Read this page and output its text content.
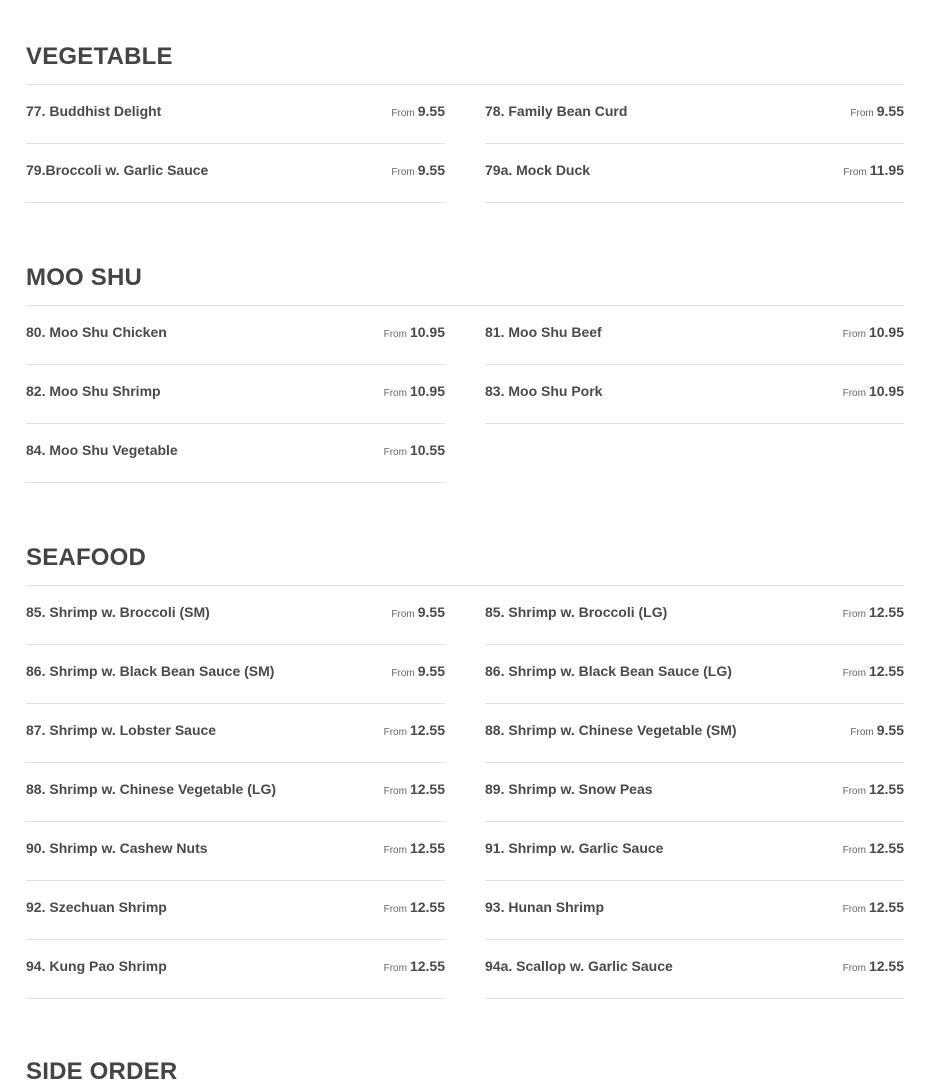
VEGETABLE
77. Buddhist Delight	From 9.55	78. Family Bean Curd	From 9.55
79.Broccoli w. Garlic Sauce	From 9.55	79a. Mock Duck	From 11.95
MOO SHU
80. Moo Shu Chicken	From 10.95	81. Moo Shu Beef	From 10.95
82. Moo Shu Shrimp	From 10.95	83. Moo Shu Pork	From 10.95
84. Moo Shu Vegetable	From 10.55
SEAFOOD
85. Shrimp w. Broccoli (SM)	From 9.55	85. Shrimp w. Broccoli (LG)	From 12.55
86. Shrimp w. Black Bean Sauce (SM)	From 9.55	86. Shrimp w. Black Bean Sauce (LG)	From 12.55
87. Shrimp w. Lobster Sauce	From 12.55	88. Shrimp w. Chinese Vegetable (SM)	From 9.55
88. Shrimp w. Chinese Vegetable (LG)	From 12.55	89. Shrimp w. Snow Peas	From 12.55
90. Shrimp w. Cashew Nuts	From 12.55	91. Shrimp w. Garlic Sauce	From 12.55
92. Szechuan Shrimp	From 12.55	93. Hunan Shrimp	From 12.55
94. Kung Pao Shrimp	From 12.55	94a. Scallop w. Garlic Sauce	From 12.55
SIDE ORDER
